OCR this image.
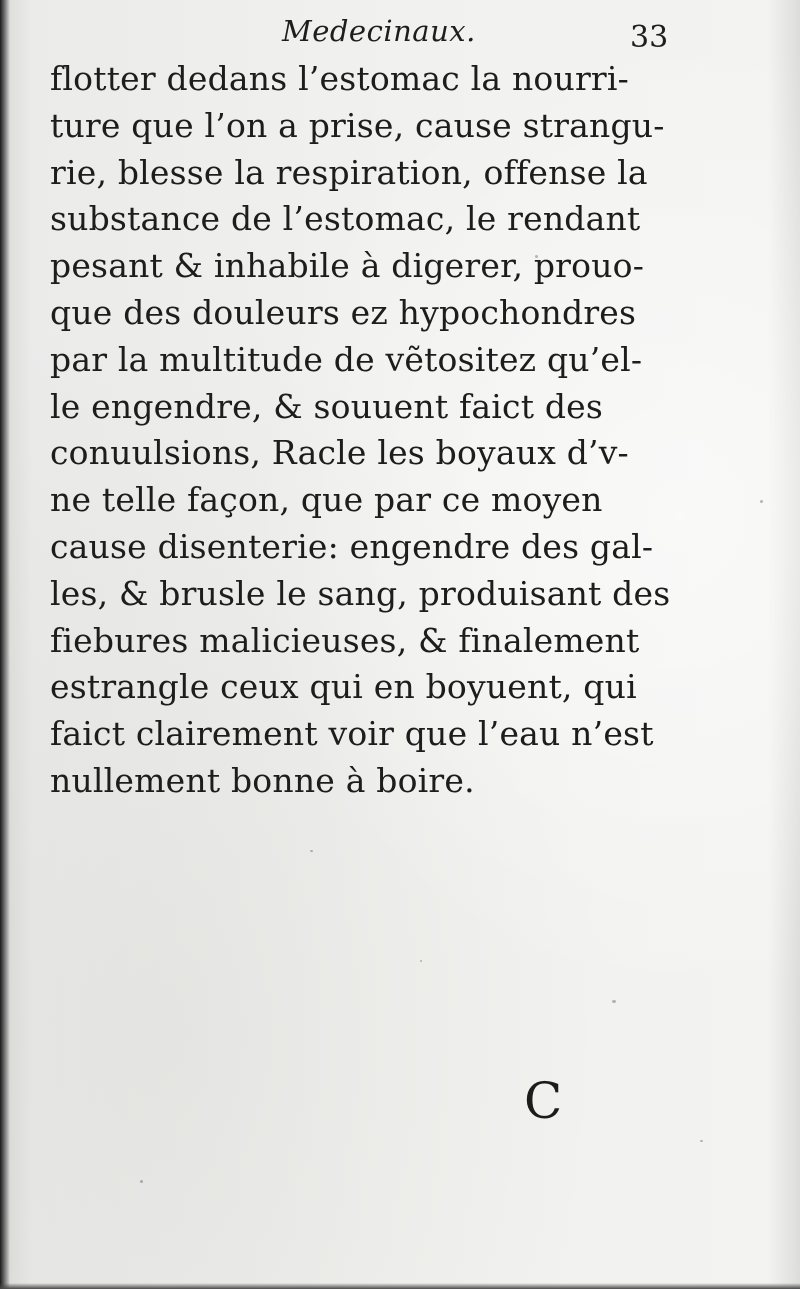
Medecinaux.	33
flotter dedans l’estomac la nourri-
ture que l’on a prise, cause strangu-
rie, blesse la respiration, offense la
substance de l’estomac, le rendant
pesant & inhabile à digerer, prouo-
que des douleurs ez hypochondres
par la multitude de vẽtositez qu’el-
le engendre, & souuent faict des
conuulsions, Racle les boyaux d’v-
ne telle façon, que par ce moyen
cause disenterie: engendre des gal-
les, & brusle le sang, produisant des
fiebures malicieuses, & finalement
estrangle ceux qui en boyuent, qui
faict clairement voir que l’eau n’est
nullement bonne à boire.
C
